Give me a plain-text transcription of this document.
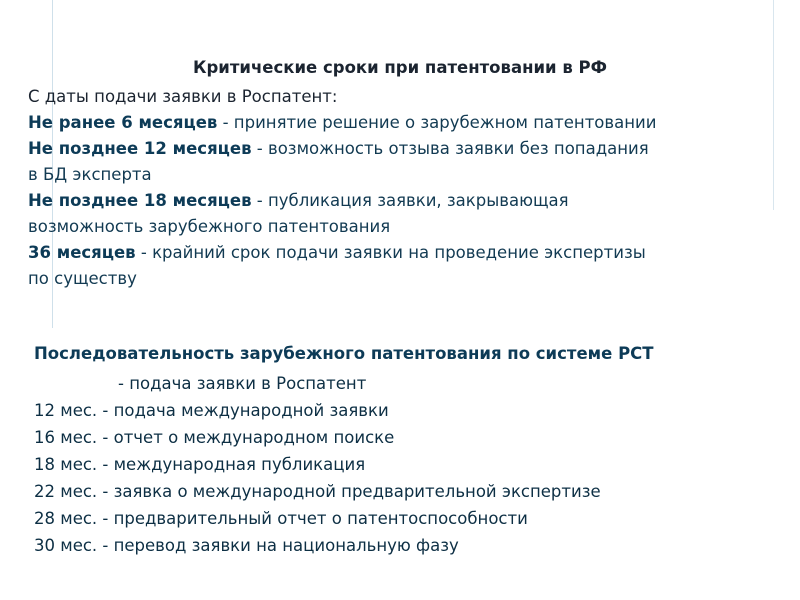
Критические сроки при патентовании в РФ
С даты подачи заявки в Роспатент:
Не ранее 6 месяцев - принятие решение о зарубежном патентовании
Не позднее 12 месяцев - возможность отзыва заявки без попадания
в БД эксперта
Не позднее 18 месяцев - публикация заявки, закрывающая
возможность зарубежного патентования
36 месяцев - крайний срок подачи заявки на проведение экспертизы
по существу
Последовательность зарубежного патентования по системе РСТ
- подача заявки в Роспатент
12 мес. - подача международной заявки
16 мес. - отчет о международном поиске
18 мес. - международная публикация
22 мес. - заявка о международной предварительной экспертизе
28 мес. - предварительный отчет о патентоспособности
30 мес. - перевод заявки на национальную фазу
